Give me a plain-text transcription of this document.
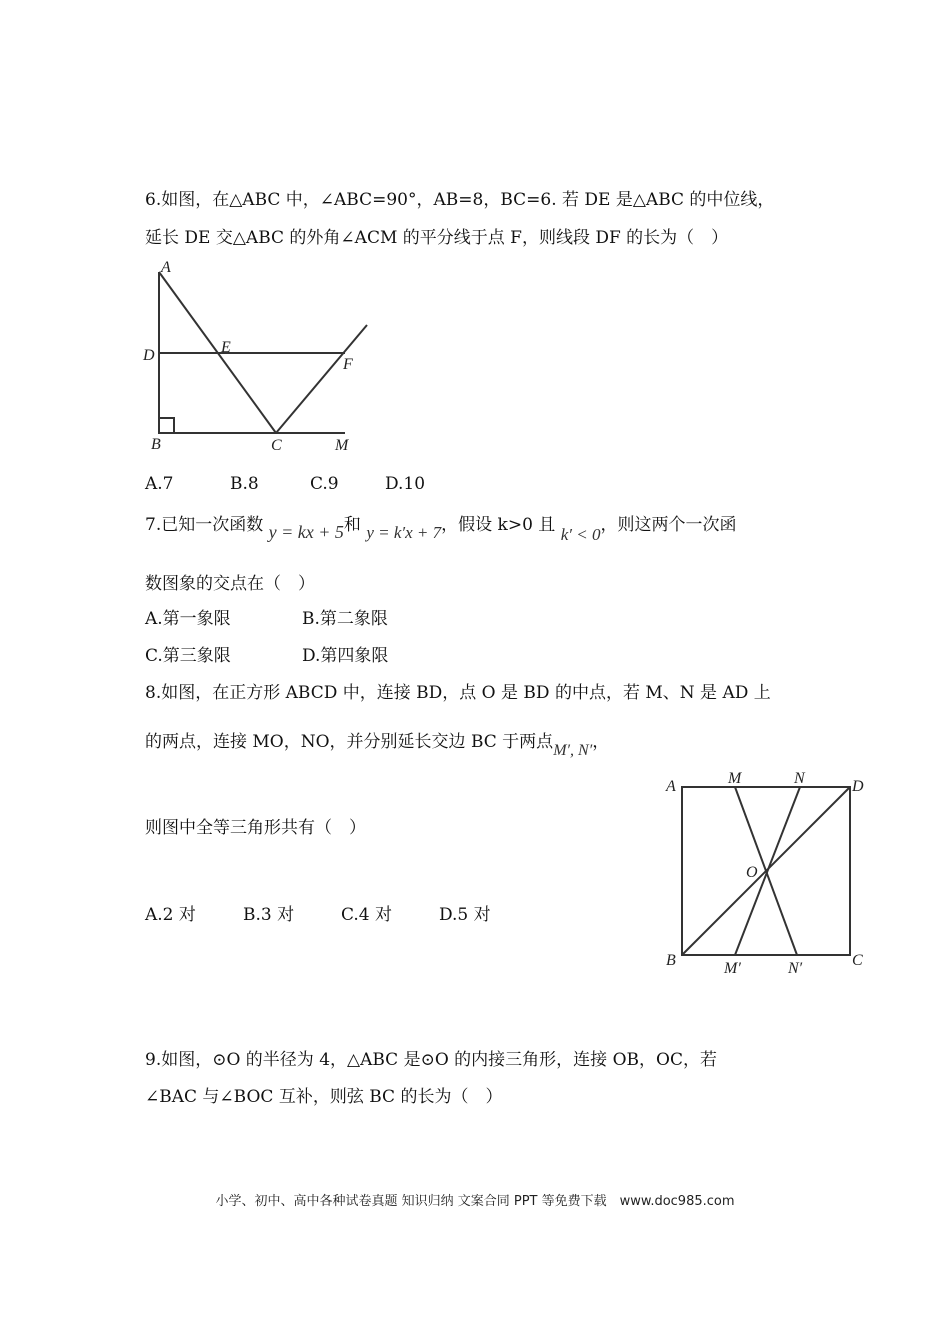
6.如图，在△ABC 中，∠ABC=90°，AB=8，BC=6. 若 DE 是△ABC 的中位线，
延长 DE 交△ABC 的外角∠ACM 的平分线于点 F，则线段 DF 的长为（　）
A
D	E
F
B	C	M
A.7	B.8	C.9	D.10
7.已知一次函数 y = kx + 5和 y = k′x + 7，假设 k>0 且 k′ < 0，则这两个一次函
数图象的交点在（　）
A.第一象限	B.第二象限
C.第三象限	D.第四象限
8.如图，在正方形 ABCD 中，连接 BD，点 O 是 BD 的中点，若 M、N 是 AD 上
的两点，连接 MO，NO，并分别延长交边 BC 于两点M′, N′，
则图中全等三角形共有（　）
A.2 对	B.3 对	C.4 对	D.5 对
A	M	N	D
O
B	M′	N′	C
9.如图，⊙O 的半径为 4，△ABC 是⊙O 的内接三角形，连接 OB，OC，若
∠BAC 与∠BOC 互补，则弦 BC 的长为（　）
小学、初中、高中各种试卷真题 知识归纳 文案合同 PPT 等免费下载　www.doc985.com
